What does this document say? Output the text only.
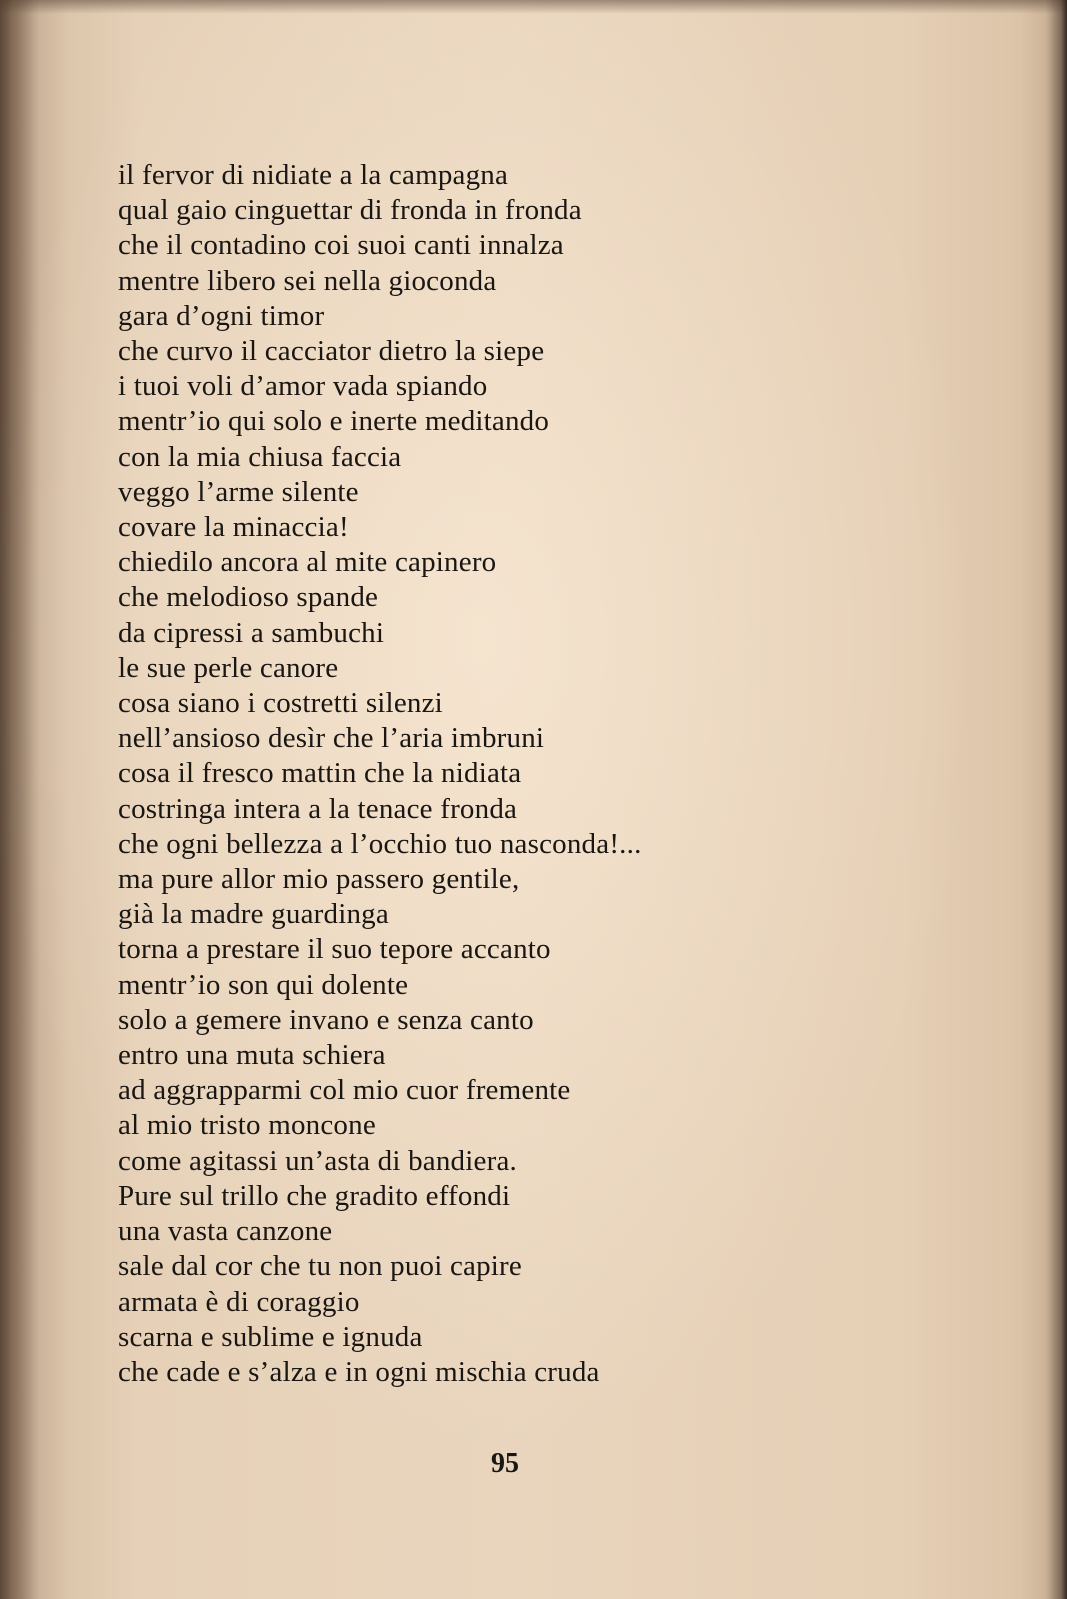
il fervor di nidiate a la campagna
qual gaio cinguettar di fronda in fronda
che il contadino coi suoi canti innalza
mentre libero sei nella gioconda
gara d’ogni timor
che curvo il cacciator dietro la siepe
i tuoi voli d’amor vada spiando
mentr’io qui solo e inerte meditando
con la mia chiusa faccia
veggo l’arme silente
covare la minaccia!
chiedilo ancora al mite capinero
che melodioso spande
da cipressi a sambuchi
le sue perle canore
cosa siano i costretti silenzi
nell’ansioso desìr che l’aria imbruni
cosa il fresco mattin che la nidiata
costringa intera a la tenace fronda
che ogni bellezza a l’occhio tuo nasconda!...
ma pure allor mio passero gentile,
già la madre guardinga
torna a prestare il suo tepore accanto
mentr’io son qui dolente
solo a gemere invano e senza canto
entro una muta schiera
ad aggrapparmi col mio cuor fremente
al mio tristo moncone
come agitassi un’asta di bandiera.
Pure sul trillo che gradito effondi
una vasta canzone
sale dal cor che tu non puoi capire
armata è di coraggio
scarna e sublime e ignuda
che cade e s’alza e in ogni mischia cruda
95
